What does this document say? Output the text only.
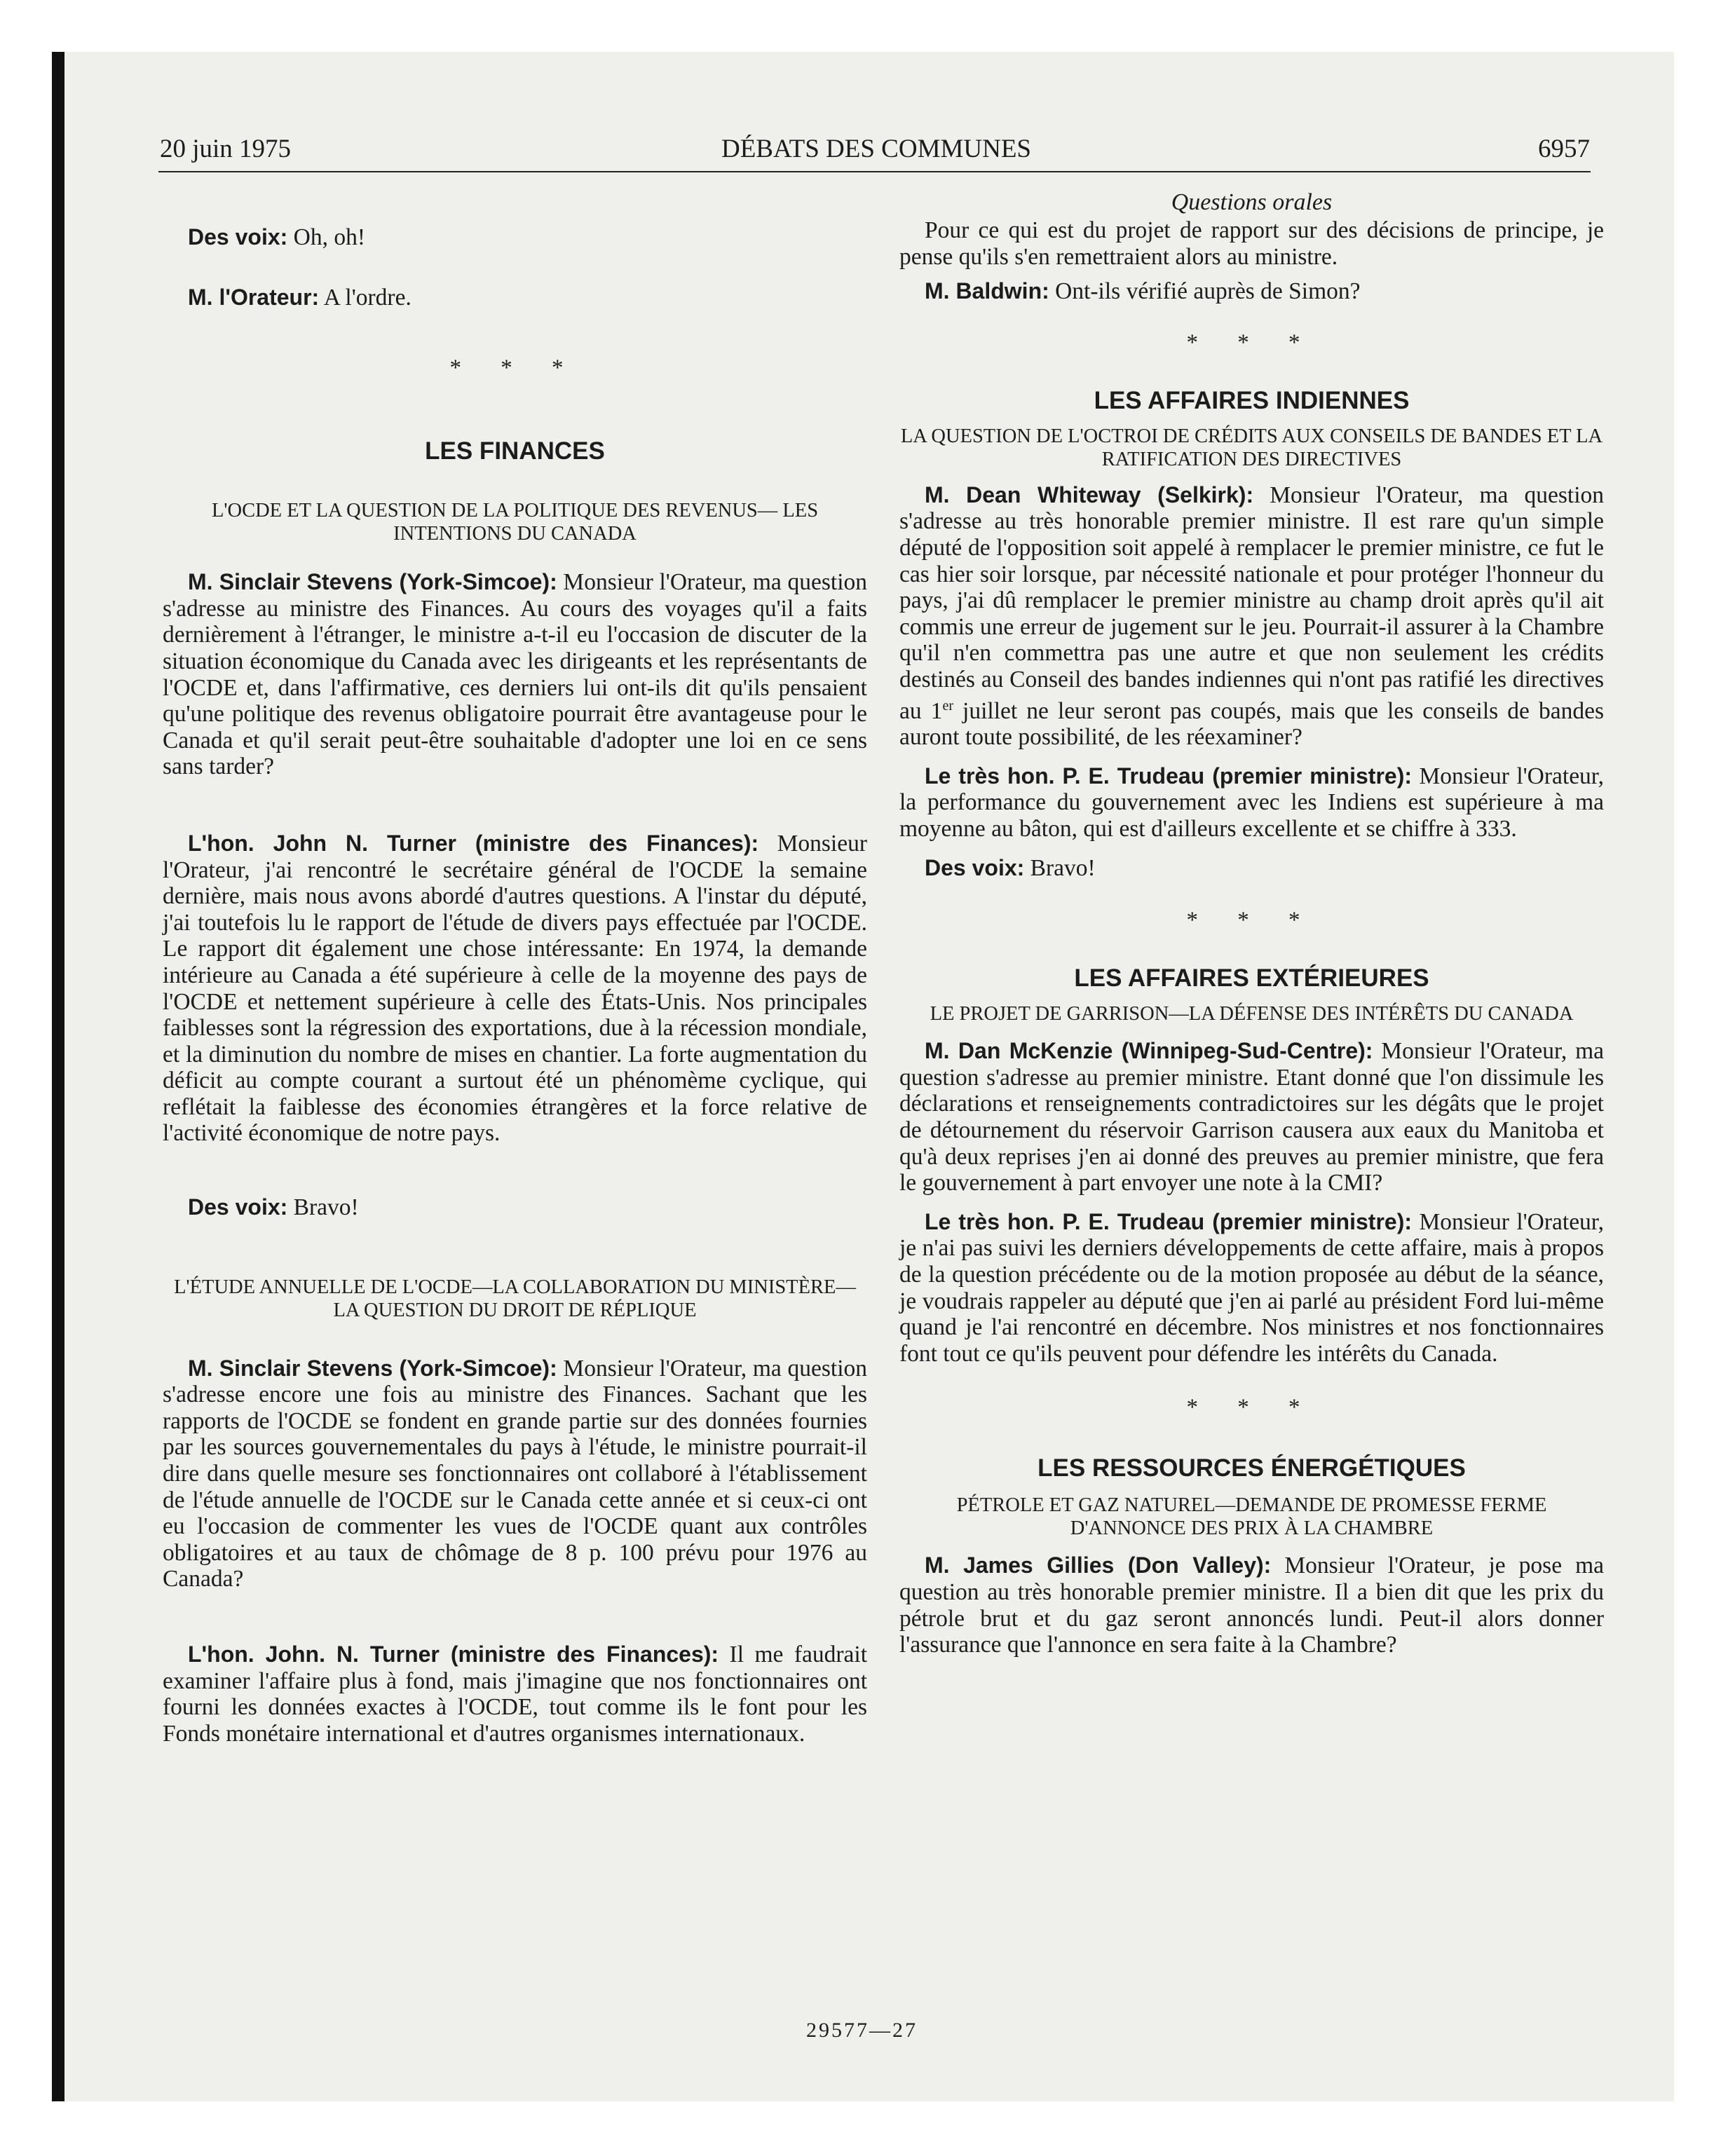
20 juin 1975	DÉBATS DES COMMUNES	6957

Des voix: Oh, oh!

M. l'Orateur: A l'ordre.

* * *
LES FINANCES
L'OCDE ET LA QUESTION DE LA POLITIQUE DES REVENUS— LES INTENTIONS DU CANADA

M. Sinclair Stevens (York-Simcoe): Monsieur l'Orateur, ma question s'adresse au ministre des Finances. Au cours des voyages qu'il a faits dernièrement à l'étranger, le ministre a-t-il eu l'occasion de discuter de la situation économique du Canada avec les dirigeants et les représentants de l'OCDE et, dans l'affirmative, ces derniers lui ont-ils dit qu'ils pensaient qu'une politique des revenus obligatoire pourrait être avantageuse pour le Canada et qu'il serait peut-être souhaitable d'adopter une loi en ce sens sans tarder?

L'hon. John N. Turner (ministre des Finances): Monsieur l'Orateur, j'ai rencontré le secrétaire général de l'OCDE la semaine dernière, mais nous avons abordé d'autres questions. A l'instar du député, j'ai toutefois lu le rapport de l'étude de divers pays effectuée par l'OCDE. Le rapport dit également une chose intéressante: En 1974, la demande intérieure au Canada a été supérieure à celle de la moyenne des pays de l'OCDE et nettement supérieure à celle des États-Unis. Nos principales faiblesses sont la régression des exportations, due à la récession mondiale, et la diminution du nombre de mises en chantier. La forte augmentation du déficit au compte courant a surtout été un phénomème cyclique, qui reflétait la faiblesse des économies étrangères et la force relative de l'activité économique de notre pays.

Des voix: Bravo!

L'ÉTUDE ANNUELLE DE L'OCDE—LA COLLABORATION DU MINISTÈRE—LA QUESTION DU DROIT DE RÉPLIQUE

M. Sinclair Stevens (York-Simcoe): Monsieur l'Orateur, ma question s'adresse encore une fois au ministre des Finances. Sachant que les rapports de l'OCDE se fondent en grande partie sur des données fournies par les sources gouvernementales du pays à l'étude, le ministre pourrait-il dire dans quelle mesure ses fonctionnaires ont collaboré à l'établissement de l'étude annuelle de l'OCDE sur le Canada cette année et si ceux-ci ont eu l'occasion de commenter les vues de l'OCDE quant aux contrôles obligatoires et au taux de chômage de 8 p. 100 prévu pour 1976 au Canada?

L'hon. John. N. Turner (ministre des Finances): Il me faudrait examiner l'affaire plus à fond, mais j'imagine que nos fonctionnaires ont fourni les données exactes à l'OCDE, tout comme ils le font pour les Fonds monétaire international et d'autres organismes internationaux.

Questions orales

Pour ce qui est du projet de rapport sur des décisions de principe, je pense qu'ils s'en remettraient alors au ministre.

M. Baldwin: Ont-ils vérifié auprès de Simon?

* * *
LES AFFAIRES INDIENNES
LA QUESTION DE L'OCTROI DE CRÉDITS AUX CONSEILS DE BANDES ET LA RATIFICATION DES DIRECTIVES

M. Dean Whiteway (Selkirk): Monsieur l'Orateur, ma question s'adresse au très honorable premier ministre. Il est rare qu'un simple député de l'opposition soit appelé à remplacer le premier ministre, ce fut le cas hier soir lorsque, par nécessité nationale et pour protéger l'honneur du pays, j'ai dû remplacer le premier ministre au champ droit après qu'il ait commis une erreur de jugement sur le jeu. Pourrait-il assurer à la Chambre qu'il n'en commettra pas une autre et que non seulement les crédits destinés au Conseil des bandes indiennes qui n'ont pas ratifié les directives au 1er juillet ne leur seront pas coupés, mais que les conseils de bandes auront toute possibilité, de les réexaminer?

Le très hon. P. E. Trudeau (premier ministre): Monsieur l'Orateur, la performance du gouvernement avec les Indiens est supérieure à ma moyenne au bâton, qui est d'ailleurs excellente et se chiffre à 333.

Des voix: Bravo!

* * *
LES AFFAIRES EXTÉRIEURES
LE PROJET DE GARRISON—LA DÉFENSE DES INTÉRÊTS DU CANADA

M. Dan McKenzie (Winnipeg-Sud-Centre): Monsieur l'Orateur, ma question s'adresse au premier ministre. Etant donné que l'on dissimule les déclarations et renseignements contradictoires sur les dégâts que le projet de détournement du réservoir Garrison causera aux eaux du Manitoba et qu'à deux reprises j'en ai donné des preuves au premier ministre, que fera le gouvernement à part envoyer une note à la CMI?

Le très hon. P. E. Trudeau (premier ministre): Monsieur l'Orateur, je n'ai pas suivi les derniers développements de cette affaire, mais à propos de la question précédente ou de la motion proposée au début de la séance, je voudrais rappeler au député que j'en ai parlé au président Ford lui-même quand je l'ai rencontré en décembre. Nos ministres et nos fonctionnaires font tout ce qu'ils peuvent pour défendre les intérêts du Canada.

* * *
LES RESSOURCES ÉNERGÉTIQUES
PÉTROLE ET GAZ NATUREL—DEMANDE DE PROMESSE FERME D'ANNONCE DES PRIX À LA CHAMBRE

M. James Gillies (Don Valley): Monsieur l'Orateur, je pose ma question au très honorable premier ministre. Il a bien dit que les prix du pétrole brut et du gaz seront annoncés lundi. Peut-il alors donner l'assurance que l'annonce en sera faite à la Chambre?

29577—27
